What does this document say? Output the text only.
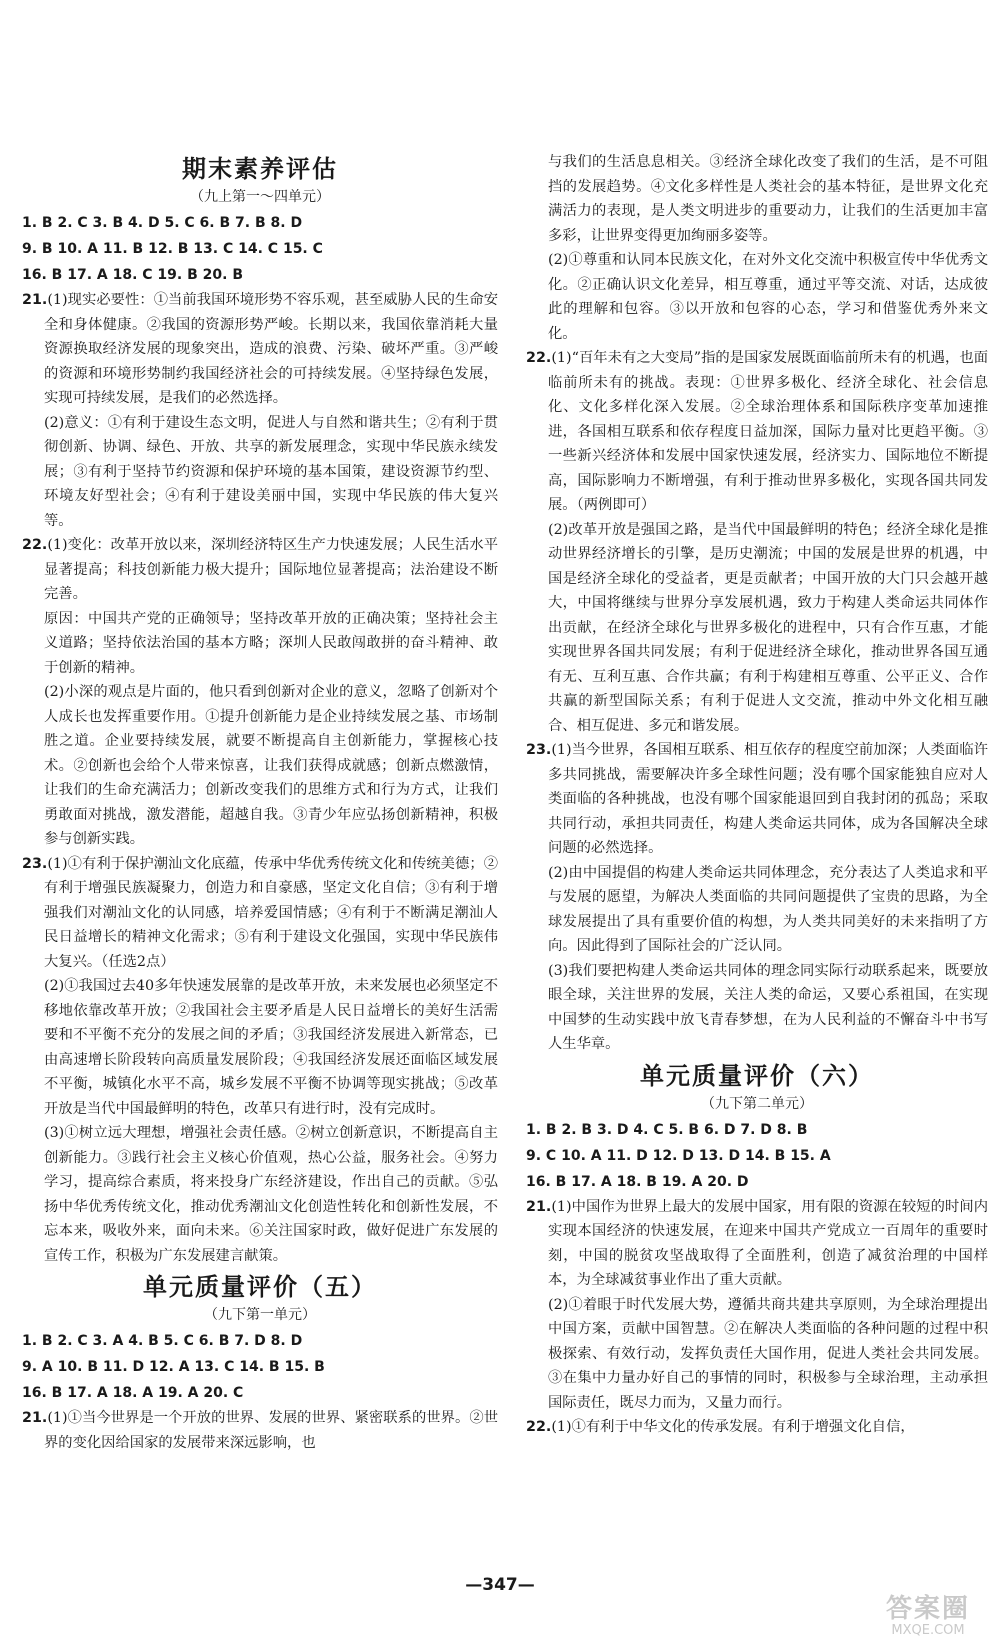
期末素养评估
（九上第一～四单元）
1. B 2. C 3. B 4. D 5. C 6. B 7. B 8. D
9. B 10. A 11. B 12. B 13. C 14. C 15. C
16. B 17. A 18. C 19. B 20. B

21.(1)现实必要性：①当前我国环境形势不容乐观，甚至威胁人民的生命安全和身体健康。②我国的资源形势严峻。长期以来，我国依靠消耗大量资源换取经济发展的现象突出，造成的浪费、污染、破坏严重。③严峻的资源和环境形势制约我国经济社会的可持续发展。④坚持绿色发展，实现可持续发展，是我们的必然选择。

(2)意义：①有利于建设生态文明，促进人与自然和谐共生；②有利于贯彻创新、协调、绿色、开放、共享的新发展理念，实现中华民族永续发展；③有利于坚持节约资源和保护环境的基本国策，建设资源节约型、环境友好型社会；④有利于建设美丽中国，实现中华民族的伟大复兴等。

22.(1)变化：改革开放以来，深圳经济特区生产力快速发展；人民生活水平显著提高；科技创新能力极大提升；国际地位显著提高；法治建设不断完善。

原因：中国共产党的正确领导；坚持改革开放的正确决策；坚持社会主义道路；坚持依法治国的基本方略；深圳人民敢闯敢拼的奋斗精神、敢于创新的精神。

(2)小深的观点是片面的，他只看到创新对企业的意义，忽略了创新对个人成长也发挥重要作用。①提升创新能力是企业持续发展之基、市场制胜之道。企业要持续发展，就要不断提高自主创新能力，掌握核心技术。②创新也会给个人带来惊喜，让我们获得成就感；创新点燃激情，让我们的生命充满活力；创新改变我们的思维方式和行为方式，让我们勇敢面对挑战，激发潜能，超越自我。③青少年应弘扬创新精神，积极参与创新实践。

23.(1)①有利于保护潮汕文化底蕴，传承中华优秀传统文化和传统美德；②有利于增强民族凝聚力，创造力和自豪感，坚定文化自信；③有利于增强我们对潮汕文化的认同感，培养爱国情感；④有利于不断满足潮汕人民日益增长的精神文化需求；⑤有利于建设文化强国，实现中华民族伟大复兴。（任选2点）

(2)①我国过去40多年快速发展靠的是改革开放，未来发展也必须坚定不移地依靠改革开放；②我国社会主要矛盾是人民日益增长的美好生活需要和不平衡不充分的发展之间的矛盾；③我国经济发展进入新常态，已由高速增长阶段转向高质量发展阶段；④我国经济发展还面临区域发展不平衡，城镇化水平不高，城乡发展不平衡不协调等现实挑战；⑤改革开放是当代中国最鲜明的特色，改革只有进行时，没有完成时。

(3)①树立远大理想，增强社会责任感。②树立创新意识，不断提高自主创新能力。③践行社会主义核心价值观，热心公益，服务社会。④努力学习，提高综合素质，将来投身广东经济建设，作出自己的贡献。⑤弘扬中华优秀传统文化，推动优秀潮汕文化创造性转化和创新性发展，不忘本来，吸收外来，面向未来。⑥关注国家时政，做好促进广东发展的宣传工作，积极为广东发展建言献策。

单元质量评价（五）
（九下第一单元）
1. B 2. C 3. A 4. B 5. C 6. B 7. D 8. D
9. A 10. B 11. D 12. A 13. C 14. B 15. B
16. B 17. A 18. A 19. A 20. C

21.(1)①当今世界是一个开放的世界、发展的世界、紧密联系的世界。②世界的变化因给国家的发展带来深远影响，也

与我们的生活息息相关。③经济全球化改变了我们的生活，是不可阻挡的发展趋势。④文化多样性是人类社会的基本特征，是世界文化充满活力的表现，是人类文明进步的重要动力，让我们的生活更加丰富多彩，让世界变得更加绚丽多姿等。

(2)①尊重和认同本民族文化，在对外文化交流中积极宣传中华优秀文化。②正确认识文化差异，相互尊重，通过平等交流、对话，达成彼此的理解和包容。③以开放和包容的心态，学习和借鉴优秀外来文化。

22.(1)“百年未有之大变局”指的是国家发展既面临前所未有的机遇，也面临前所未有的挑战。表现：①世界多极化、经济全球化、社会信息化、文化多样化深入发展。②全球治理体系和国际秩序变革加速推进，各国相互联系和依存程度日益加深，国际力量对比更趋平衡。③一些新兴经济体和发展中国家快速发展，经济实力、国际地位不断提高，国际影响力不断增强，有利于推动世界多极化，实现各国共同发展。（两例即可）

(2)改革开放是强国之路，是当代中国最鲜明的特色；经济全球化是推动世界经济增长的引擎，是历史潮流；中国的发展是世界的机遇，中国是经济全球化的受益者，更是贡献者；中国开放的大门只会越开越大，中国将继续与世界分享发展机遇，致力于构建人类命运共同体作出贡献，在经济全球化与世界多极化的进程中，只有合作互惠，才能实现世界各国共同发展；有利于促进经济全球化，推动世界各国互通有无、互利互惠、合作共赢；有利于构建相互尊重、公平正义、合作共赢的新型国际关系；有利于促进人文交流，推动中外文化相互融合、相互促进、多元和谐发展。

23.(1)当今世界，各国相互联系、相互依存的程度空前加深；人类面临许多共同挑战，需要解决许多全球性问题；没有哪个国家能独自应对人类面临的各种挑战，也没有哪个国家能退回到自我封闭的孤岛；采取共同行动，承担共同责任，构建人类命运共同体，成为各国解决全球问题的必然选择。

(2)由中国提倡的构建人类命运共同体理念，充分表达了人类追求和平与发展的愿望，为解决人类面临的共同问题提供了宝贵的思路，为全球发展提出了具有重要价值的构想，为人类共同美好的未来指明了方向。因此得到了国际社会的广泛认同。

(3)我们要把构建人类命运共同体的理念同实际行动联系起来，既要放眼全球，关注世界的发展，关注人类的命运，又要心系祖国，在实现中国梦的生动实践中放飞青春梦想，在为人民利益的不懈奋斗中书写人生华章。

单元质量评价（六）
（九下第二单元）
1. B 2. B 3. D 4. C 5. B 6. D 7. D 8. B
9. C 10. A 11. D 12. D 13. D 14. B 15. A
16. B 17. A 18. B 19. A 20. D

21.(1)中国作为世界上最大的发展中国家，用有限的资源在较短的时间内实现本国经济的快速发展，在迎来中国共产党成立一百周年的重要时刻，中国的脱贫攻坚战取得了全面胜利，创造了减贫治理的中国样本，为全球减贫事业作出了重大贡献。

(2)①着眼于时代发展大势，遵循共商共建共享原则，为全球治理提出中国方案，贡献中国智慧。②在解决人类面临的各种问题的过程中积极探索、有效行动，发挥负责任大国作用，促进人类社会共同发展。③在集中力量办好自己的事情的同时，积极参与全球治理，主动承担国际责任，既尽力而为，又量力而行。

22.(1)①有利于中华文化的传承发展。有利于增强文化自信，

—347—
答案圈
MXQE.COM
